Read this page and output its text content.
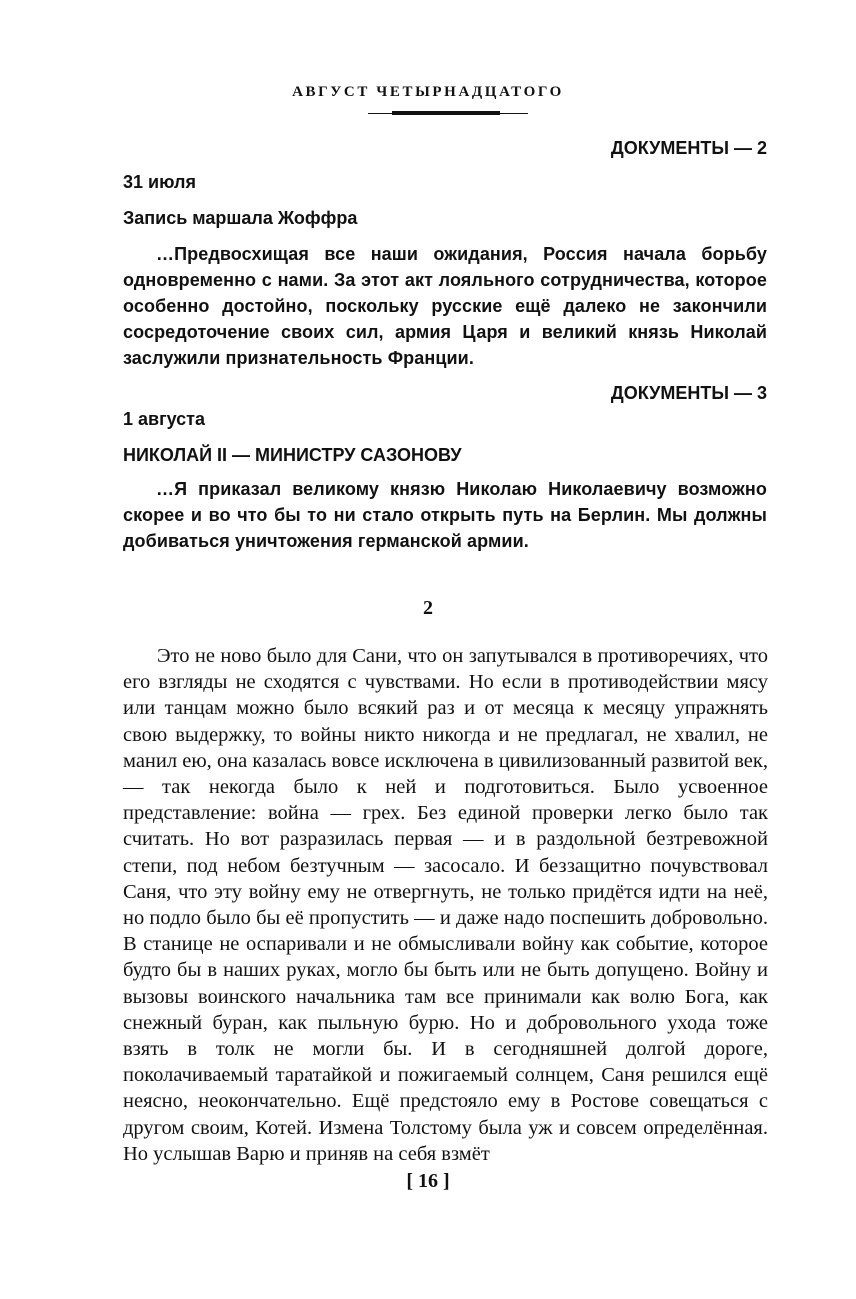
АВГУСТ ЧЕТЫРНАДЦАТОГО
ДОКУМЕНТЫ — 2
31 июля
Запись маршала Жоффра
…Предвосхищая все наши ожидания, Россия начала борьбу одновременно с нами. За этот акт лояльного сотрудничества, которое особенно достойно, поскольку русские ещё далеко не закончили сосредоточение своих сил, армия Царя и великий князь Николай заслужили признательность Франции.
ДОКУМЕНТЫ — 3
1 августа
НИКОЛАЙ II — МИНИСТРУ САЗОНОВУ
…Я приказал великому князю Николаю Николаевичу возможно скорее и во что бы то ни стало открыть путь на Берлин. Мы должны добиваться уничтожения германской армии.
2
Это не ново было для Сани, что он запутывался в противоречиях, что его взгляды не сходятся с чувствами. Но если в противодействии мясу или танцам можно было всякий раз и от месяца к месяцу упражнять свою выдержку, то войны никто никогда и не предлагал, не хвалил, не манил ею, она казалась вовсе исключена в цивилизованный развитой век, — так некогда было к ней и подготовиться. Было усвоенное представление: война — грех. Без единой проверки легко было так считать. Но вот разразилась первая — и в раздольной безтревожной степи, под небом безтучным — засосало. И беззащитно почувствовал Саня, что эту войну ему не отвергнуть, не только придётся идти на неё, но подло было бы её пропустить — и даже надо поспешить добровольно. В станице не оспаривали и не обмысливали войну как событие, которое будто бы в наших руках, могло бы быть или не быть допущено. Войну и вызовы воинского начальника там все принимали как волю Бога, как снежный буран, как пыльную бурю. Но и добровольного ухода тоже взять в толк не могли бы. И в сегодняшней долгой дороге, поколачиваемый таратайкой и пожигаемый солнцем, Саня решился ещё неясно, неокончательно. Ещё предстояло ему в Ростове совещаться с другом своим, Котей. Измена Толстому была уж и совсем определённая. Но услышав Варю и приняв на себя взмёт
[ 16 ]
